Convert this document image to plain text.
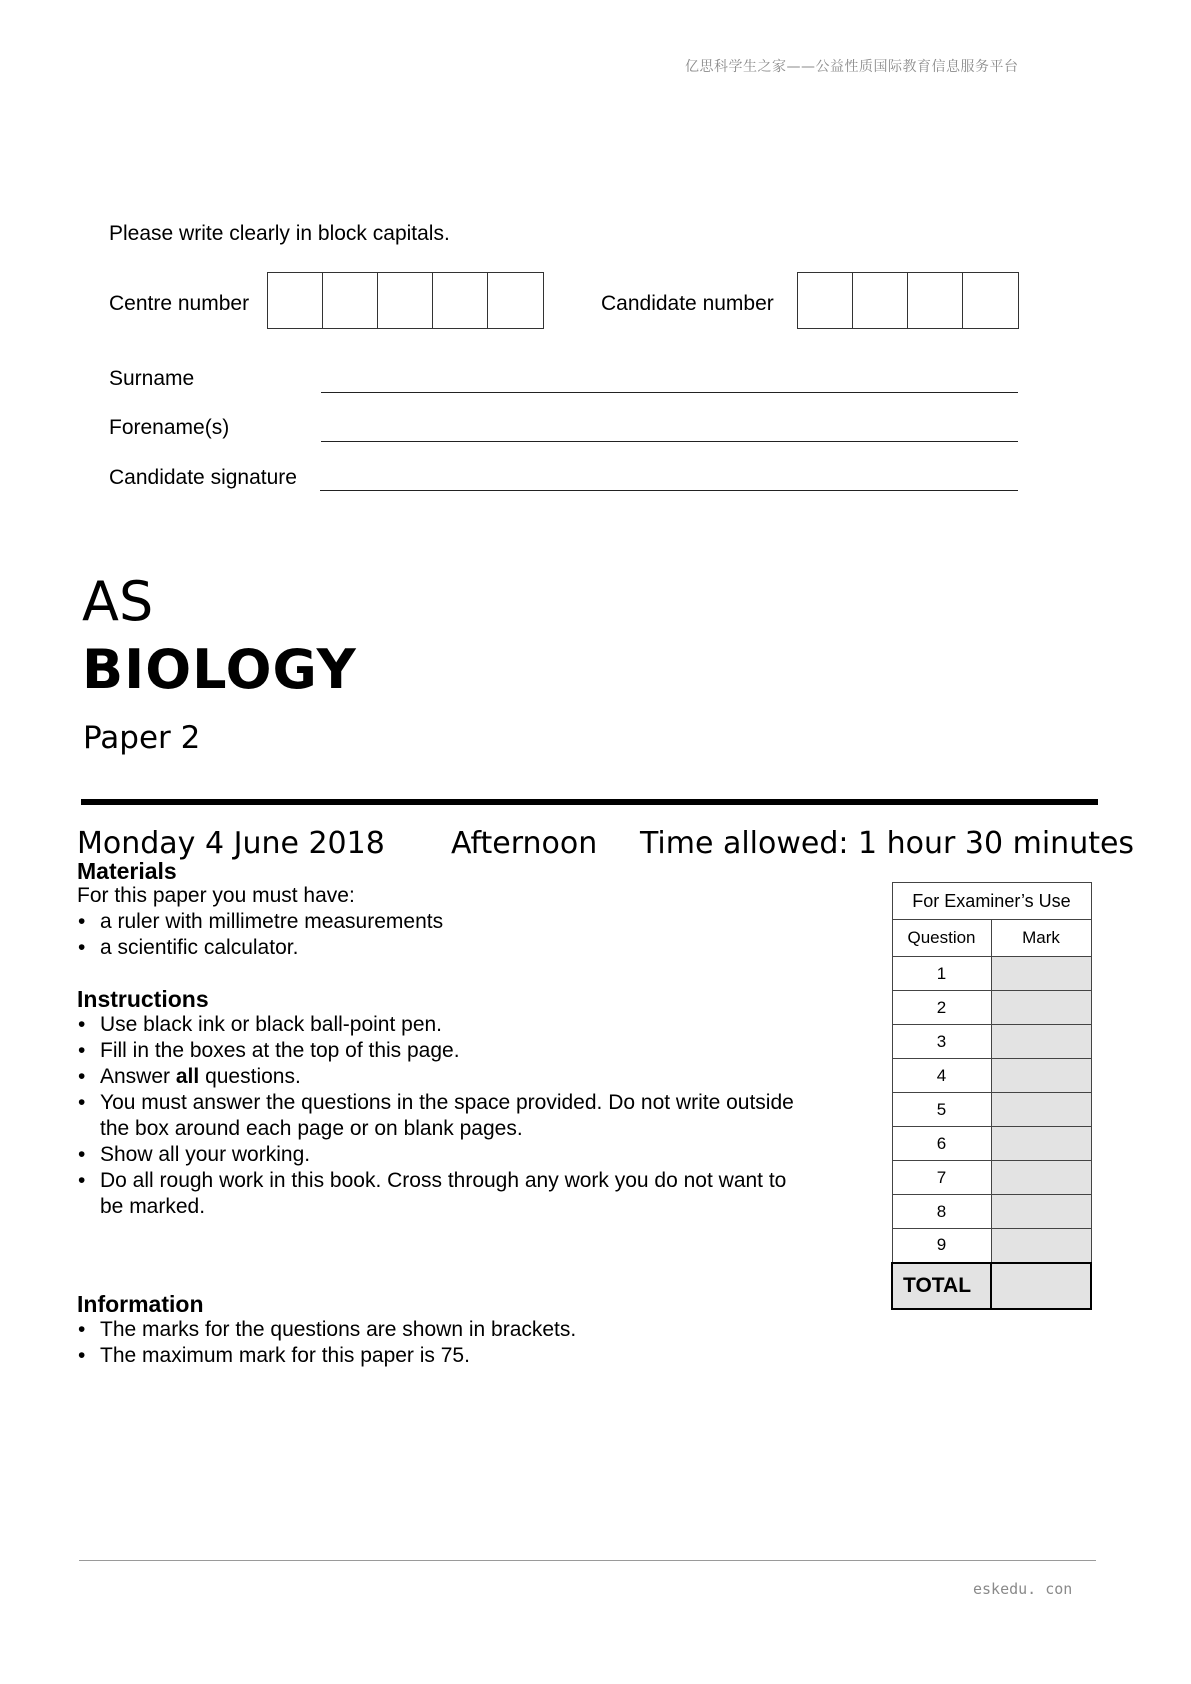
亿思科学生之家——公益性质国际教育信息服务平台
Please write clearly in block capitals.
Centre number	Candidate number
Surname
Forename(s)
Candidate signature
AS
BIOLOGY
Paper 2
Monday 4 June 2018 Afternoon Time allowed: 1 hour 30 minutes
Materials
For this paper you must have:
• a ruler with millimetre measurements
• a scientific calculator.
Instructions
• Use black ink or black ball-point pen.
• Fill in the boxes at the top of this page.
• Answer all questions.
• You must answer the questions in the space provided. Do not write outside the box around each page or on blank pages.
• Show all your working.
• Do all rough work in this book. Cross through any work you do not want to be marked.
Information
• The marks for the questions are shown in brackets.
• The maximum mark for this paper is 75.
For Examiner’s Use	
Question	Mark
1	
2	
3	
4	
5	
6	
7	
8	
9	
TOTAL	
eskedu. con
